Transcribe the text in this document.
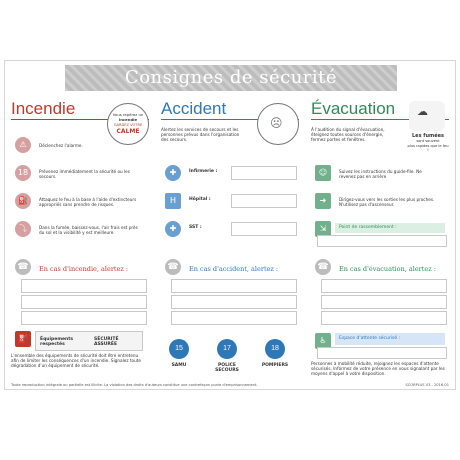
Consignes de sécurité
Incendie	Vous repérez un
incendie
GARDEZ VOTRE
CALME
⚠	Déclenchez l'alarme.
18	Prévenez immédiatement la sécurité ou les secours.
⛽	Attaquez le feu à la base à l'aide d'extincteurs appropriés sans prendre de risques.
⤵	Dans la fumée, baissez-vous, l'air frais est près du sol et la visibilité y est meilleure.
☎	En cas d'incendie, alertez :
⛽	Équipements respectés
SÉCURITÉ ASSURÉE
L'ensemble des équipements de sécurité doit être entretenu afin de limiter les conséquences d'un incendie. Signalez toute dégradation d'un équipement de sécurité.
Accident
Alertez les services de secours et les personnes prévus dans l'organisation des secours.
☹
✚	Infirmerie :
H	Hôpital :
✚	SST :
☎	En cas d'accident, alertez :
15
SAMU
17
POLICE SECOURS
18
POMPIERS
Évacuation
À l'audition du signal d'évacuation, éteignez toutes sources d'énergie, fermez portes et fenêtres.
☁
Les fumées
sont souvent
plus rapides que le feu !
☺	Suivez les instructions du guide-file. Ne revenez pas en arrière
➜	Dirigez-vous vers les sorties les plus proches. N'utilisez pas d'ascenseur.
⇲	Point de rassemblement :
☎	En cas d'évacuation, alertez :
♿	Espace d'attente sécurisé :
Personnes à mobilité réduite, rejoignez les espaces d'attente sécurisés. Informez de votre présence en vous signalant par les moyens d'appel à votre disposition.
Toute reproduction intégrale ou partielle est illicite. La violation des droits d'auteurs constitue une contrefaçon punie d'emprisonnement.	SCORPLUS V3 - 2016-01
